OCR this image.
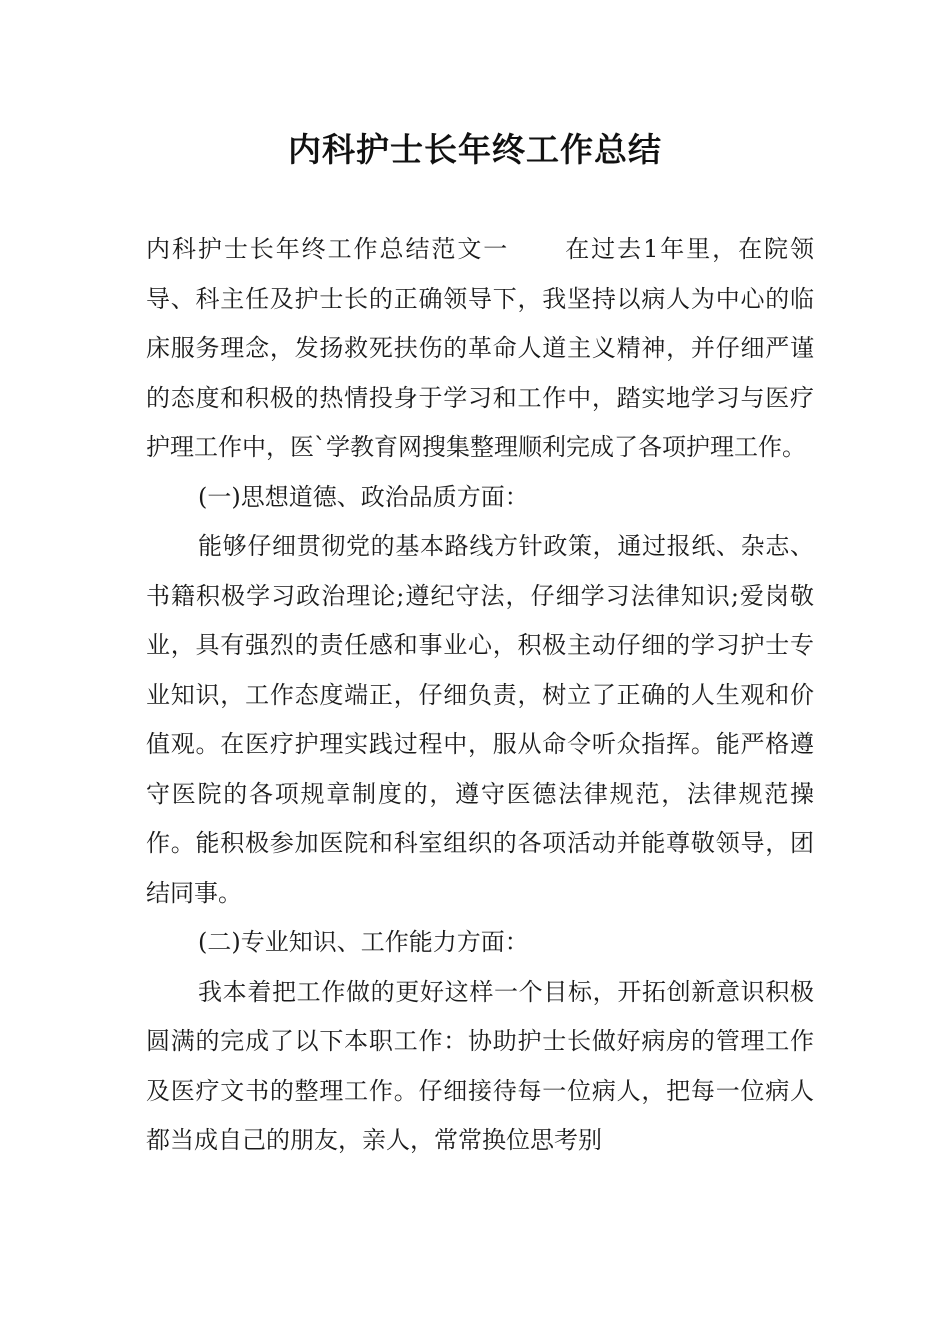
内科护士长年终工作总结

内科护士长年终工作总结范文一 在过去1年里，在院领导、科主任及护士长的正确领导下，我坚持以病人为中心的临床服务理念，发扬救死扶伤的革命人道主义精神，并仔细严谨的态度和积极的热情投身于学习和工作中，踏实地学习与医疗护理工作中，医`学教育网搜集整理顺利完成了各项护理工作。

(一)思想道德、政治品质方面：

能够仔细贯彻党的基本路线方针政策，通过报纸、杂志、书籍积极学习政治理论;遵纪守法，仔细学习法律知识;爱岗敬业，具有强烈的责任感和事业心，积极主动仔细的学习护士专业知识，工作态度端正，仔细负责，树立了正确的人生观和价值观。在医疗护理实践过程中，服从命令听众指挥。能严格遵守医院的各项规章制度的，遵守医德法律规范，法律规范操作。能积极参加医院和科室组织的各项活动并能尊敬领导，团结同事。

(二)专业知识、工作能力方面：

我本着把工作做的更好这样一个目标，开拓创新意识积极圆满的完成了以下本职工作：协助护士长做好病房的管理工作及医疗文书的整理工作。仔细接待每一位病人，把每一位病人都当成自己的朋友，亲人，常常换位思考别
